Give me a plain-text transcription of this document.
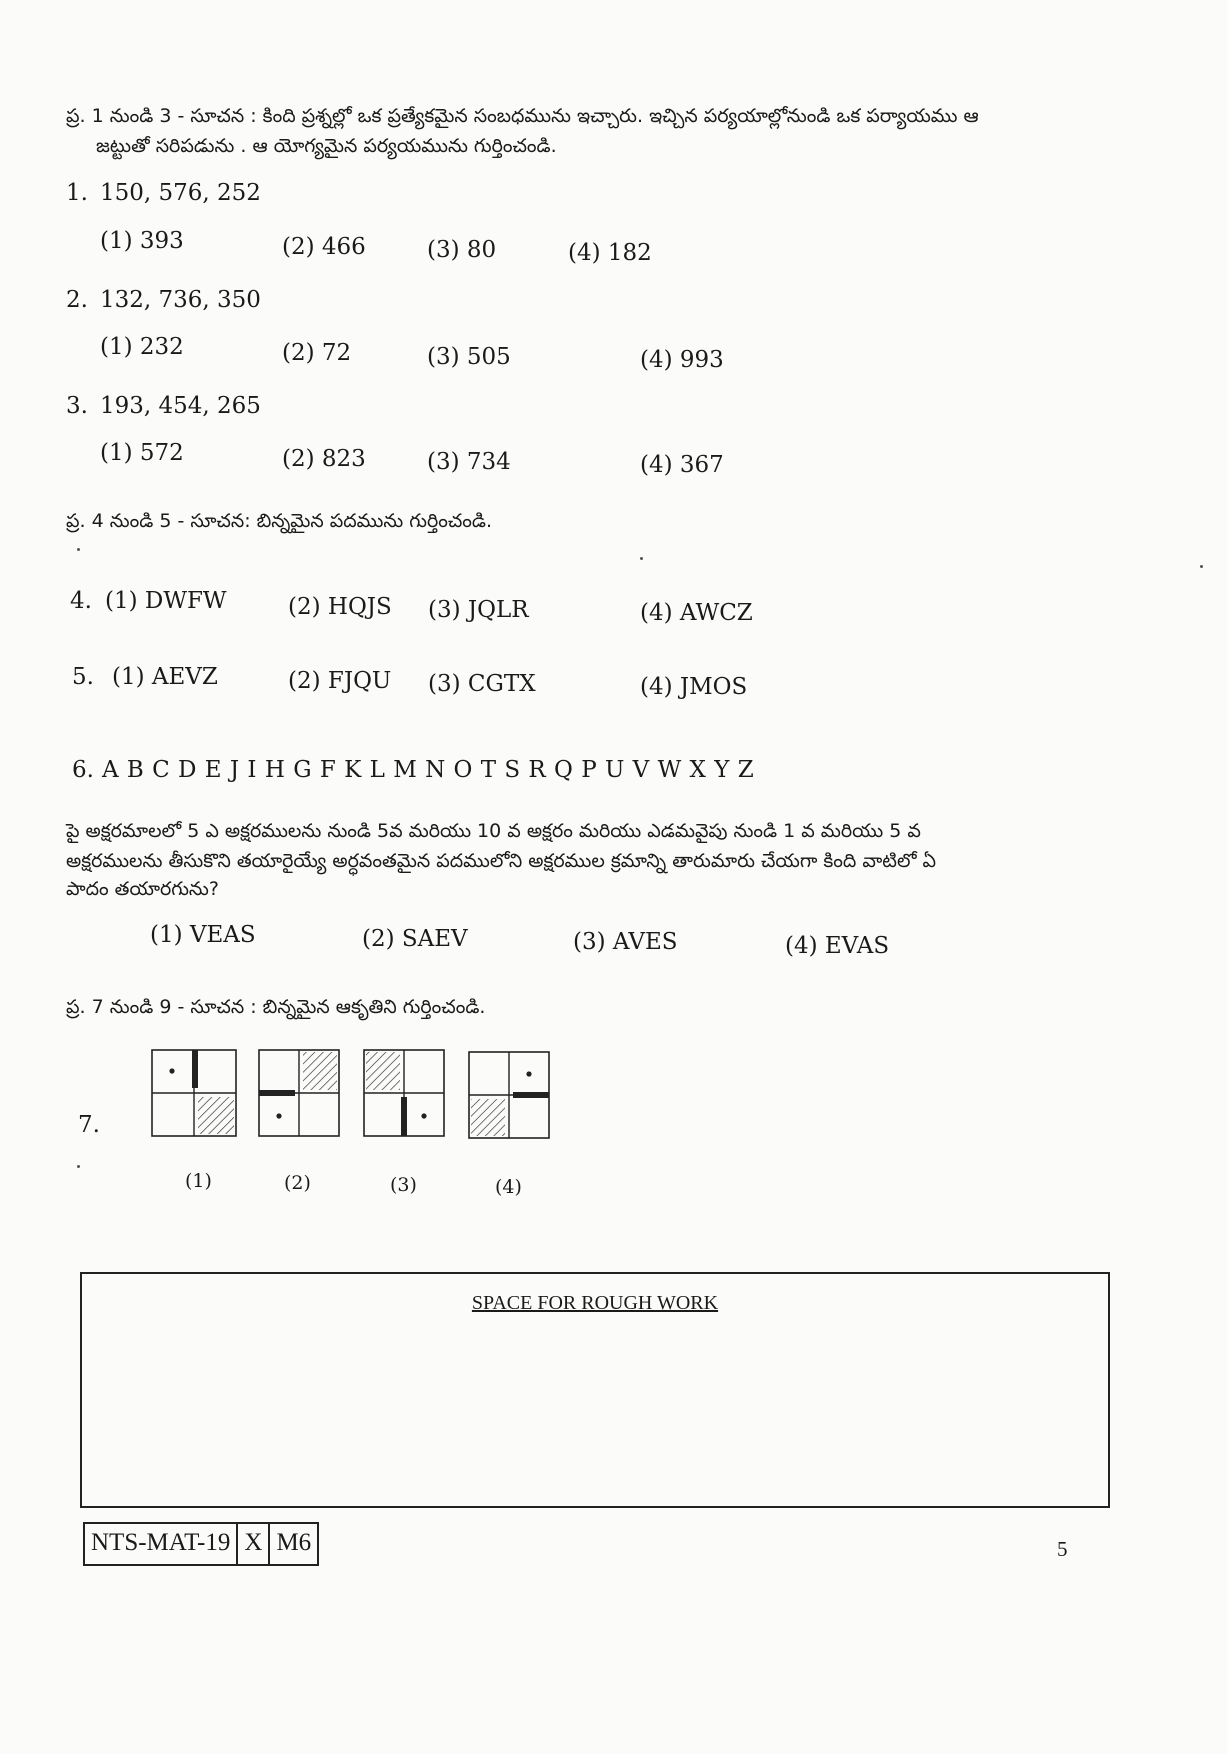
ప్ర. 1 నుండి 3 - సూచన : కింది ప్రశ్నల్లో ఒక ప్రత్యేకమైన సంబధమును ఇచ్చారు. ఇచ్చిన పర్యయాల్లోనుండి ఒక పర్యాయము ఆ
జట్టుతో సరిపడును . ఆ యోగ్యమైన పర్యయమును గుర్తించండి.
1. 150, 576, 252
(1) 393	(2) 466	(3) 80	(4) 182
2. 132, 736, 350
(1) 232	(2) 72	(3) 505	(4) 993
3. 193, 454, 265
(1) 572	(2) 823	(3) 734	(4) 367
ప్ర. 4 నుండి 5 - సూచన: బిన్నమైన పదమును గుర్తించండి.
4. (1) DWFW	(2) HQJS (3) JQLR	(4) AWCZ
5. (1) AEVZ	(2) FJQU (3) CGTX	(4) JMOS
6. A B C D E J I H G F K L M N O T S R Q P U V W X Y Z
పై అక్షరమాలలో 5 ఎ అక్షరములను నుండి 5వ మరియు 10 వ అక్షరం మరియు ఎడమవైపు నుండి 1 వ మరియు 5 వ
అక్షరములను తీసుకొని తయారైయ్యే అర్ధవంతమైన పదములోని అక్షరముల క్రమాన్ని తారుమారు చేయగా కింది వాటిలో ఏ
పాదం తయారగును?
(1) VEAS	(2) SAEV	(3) AVES	(4) EVAS
ప్ర. 7 నుండి 9 - సూచన : బిన్నమైన ఆకృతిని గుర్తించండి.
7.
(1)	(2)	(3)	(4)
SPACE FOR ROUGH WORK
NTS-MAT-19 X M6	5
